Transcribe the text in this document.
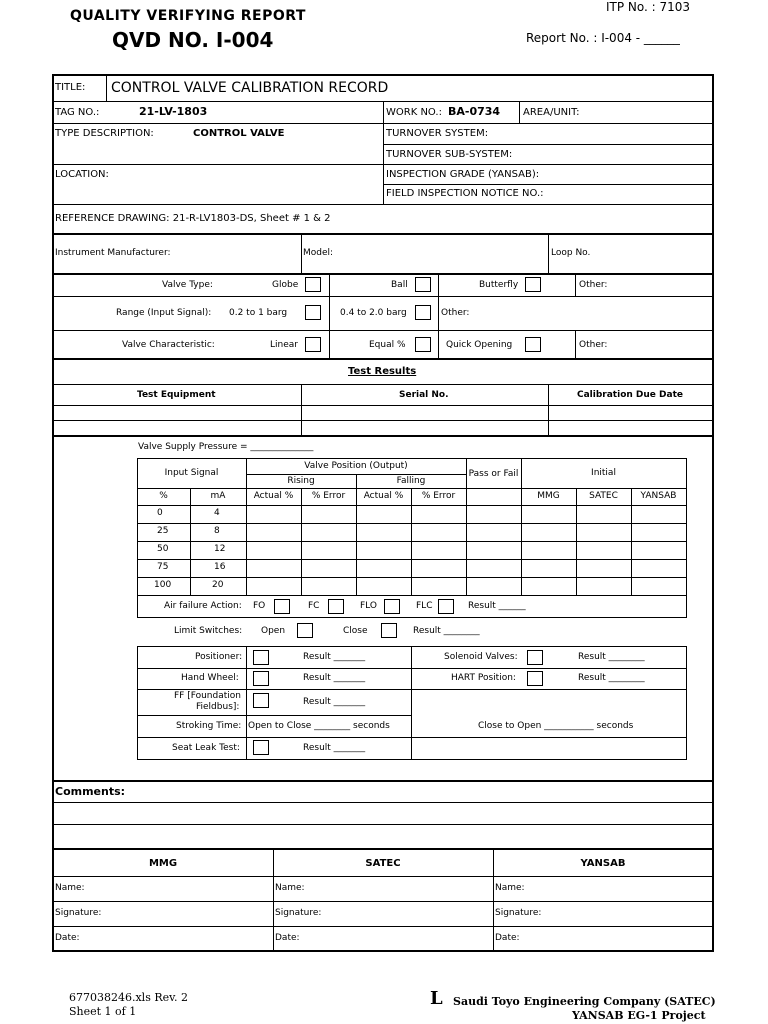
QUALITY VERIFYING REPORT
QVD NO. I-004
ITP No. : 7103
Report No. : I-004 - ______
TITLE: CONTROL VALVE CALIBRATION RECORD
TAG NO.:	21-LV-1803	WORK NO.: BA-0734 AREA/UNIT:
TYPE DESCRIPTION:	CONTROL VALVE	TURNOVER SYSTEM:
TURNOVER SUB-SYSTEM:
LOCATION:	INSPECTION GRADE (YANSAB):
FIELD INSPECTION NOTICE NO.:
REFERENCE DRAWING: 21-R-LV1803-DS, Sheet # 1 & 2
Instrument Manufacturer:	Model:	Loop No.
Valve Type:	Globe	Ball	Butterfly	Other:
Range (Input Signal): 0.2 to 1 barg	0.4 to 2.0 barg	Other:
Valve Characteristic:	Linear	Equal %	Quick Opening	Other:
Test Results
Test Equipment	Serial No.	Calibration Due Date
Valve Supply Pressure = ______________
Input Signal
Valve Position (Output)
Rising	Falling
Pass or Fail	Initial
%	mA	Actual %	% Error	Actual %	% Error	MMG	SATEC	YANSAB
0	4
25	8
50	12
75	16
100	20
Air failure Action: FO	FC	FLO	FLC	Result ______
Limit Switches: Open	Close	Result ________
Positioner:	Result _______	Solenoid Valves:	Result ________
Hand Wheel:	Result _______	HART Position:	Result ________
FF [Foundation
Fieldbus]:	Result _______
Stroking Time: Open to Close ________ seconds	Close to Open ___________ seconds
Seat Leak Test:	Result _______
Comments:
MMG	SATEC	YANSAB
Name:	Name:	Name:
Signature:	Signature:	Signature:
Date:	Date:	Date:
677038246.xls Rev. 2
Sheet 1 of 1
L Saudi Toyo Engineering Company (SATEC)
YANSAB EG-1 Project
